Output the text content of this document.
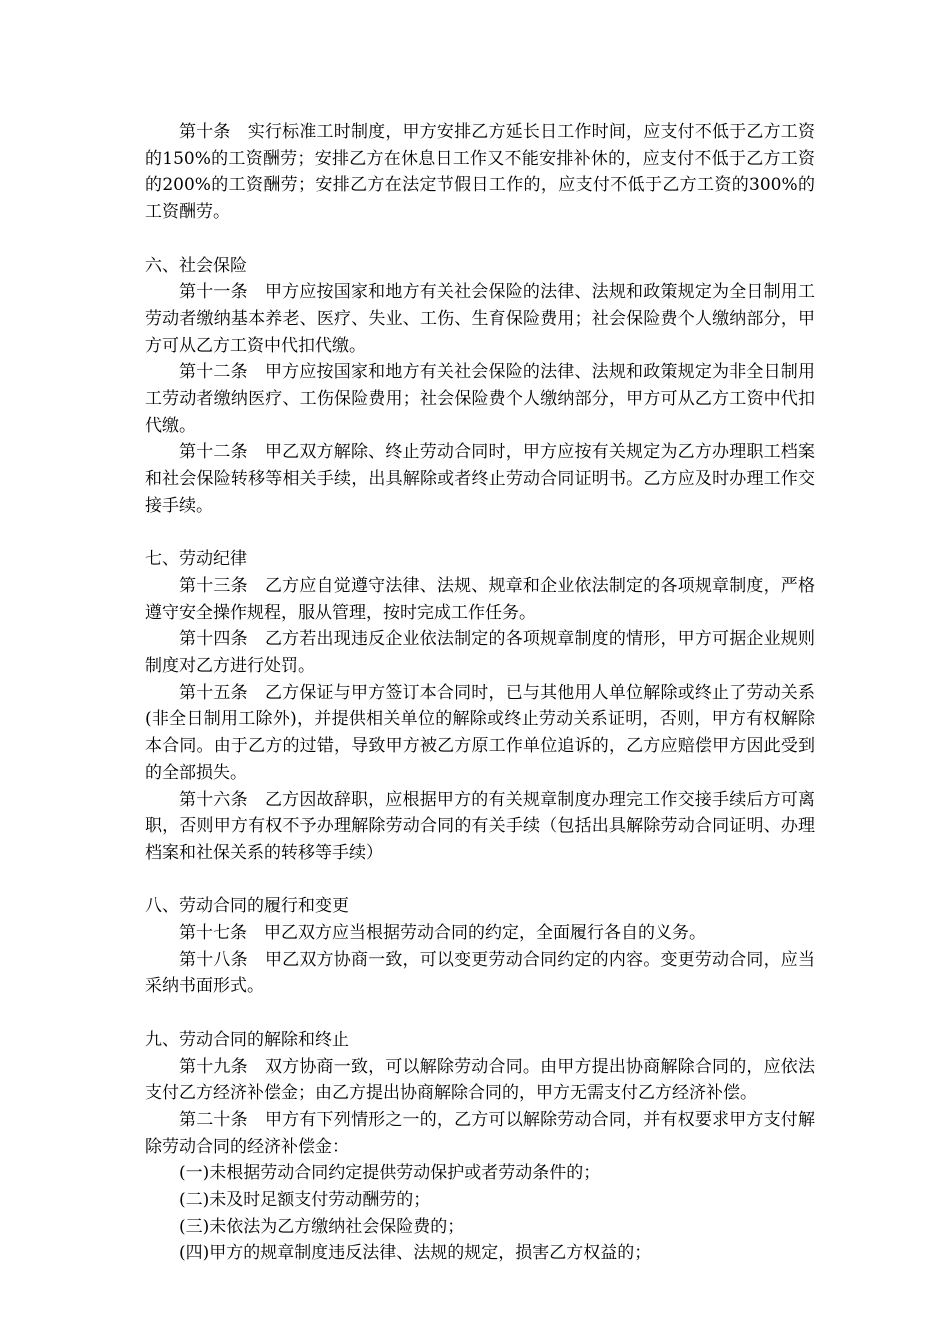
第十条　实行标准工时制度，甲方安排乙方延长日工作时间，应支付不低于乙方工资的150%的工资酬劳；安排乙方在休息日工作又不能安排补休的，应支付不低于乙方工资的200%的工资酬劳；安排乙方在法定节假日工作的，应支付不低于乙方工资的300%的工资酬劳。

六、社会保险

第十一条　甲方应按国家和地方有关社会保险的法律、法规和政策规定为全日制用工劳动者缴纳基本养老、医疗、失业、工伤、生育保险费用；社会保险费个人缴纳部分，甲方可从乙方工资中代扣代缴。

第十二条　甲方应按国家和地方有关社会保险的法律、法规和政策规定为非全日制用工劳动者缴纳医疗、工伤保险费用；社会保险费个人缴纳部分，甲方可从乙方工资中代扣代缴。

第十二条　甲乙双方解除、终止劳动合同时，甲方应按有关规定为乙方办理职工档案和社会保险转移等相关手续，出具解除或者终止劳动合同证明书。乙方应及时办理工作交接手续。

七、劳动纪律

第十三条　乙方应自觉遵守法律、法规、规章和企业依法制定的各项规章制度，严格遵守安全操作规程，服从管理，按时完成工作任务。

第十四条　乙方若出现违反企业依法制定的各项规章制度的情形，甲方可据企业规则制度对乙方进行处罚。

第十五条　乙方保证与甲方签订本合同时，已与其他用人单位解除或终止了劳动关系(非全日制用工除外)，并提供相关单位的解除或终止劳动关系证明，否则，甲方有权解除本合同。由于乙方的过错，导致甲方被乙方原工作单位追诉的，乙方应赔偿甲方因此受到的全部损失。

第十六条　乙方因故辞职，应根据甲方的有关规章制度办理完工作交接手续后方可离职，否则甲方有权不予办理解除劳动合同的有关手续（包括出具解除劳动合同证明、办理档案和社保关系的转移等手续）

八、劳动合同的履行和变更

第十七条　甲乙双方应当根据劳动合同的约定，全面履行各自的义务。

第十八条　甲乙双方协商一致，可以变更劳动合同约定的内容。变更劳动合同，应当采纳书面形式。

九、劳动合同的解除和终止

第十九条　双方协商一致，可以解除劳动合同。由甲方提出协商解除合同的，应依法支付乙方经济补偿金；由乙方提出协商解除合同的，甲方无需支付乙方经济补偿。

第二十条　甲方有下列情形之一的，乙方可以解除劳动合同，并有权要求甲方支付解除劳动合同的经济补偿金：

(一)未根据劳动合同约定提供劳动保护或者劳动条件的；

(二)未及时足额支付劳动酬劳的；

(三)未依法为乙方缴纳社会保险费的；

(四)甲方的规章制度违反法律、法规的规定，损害乙方权益的；
